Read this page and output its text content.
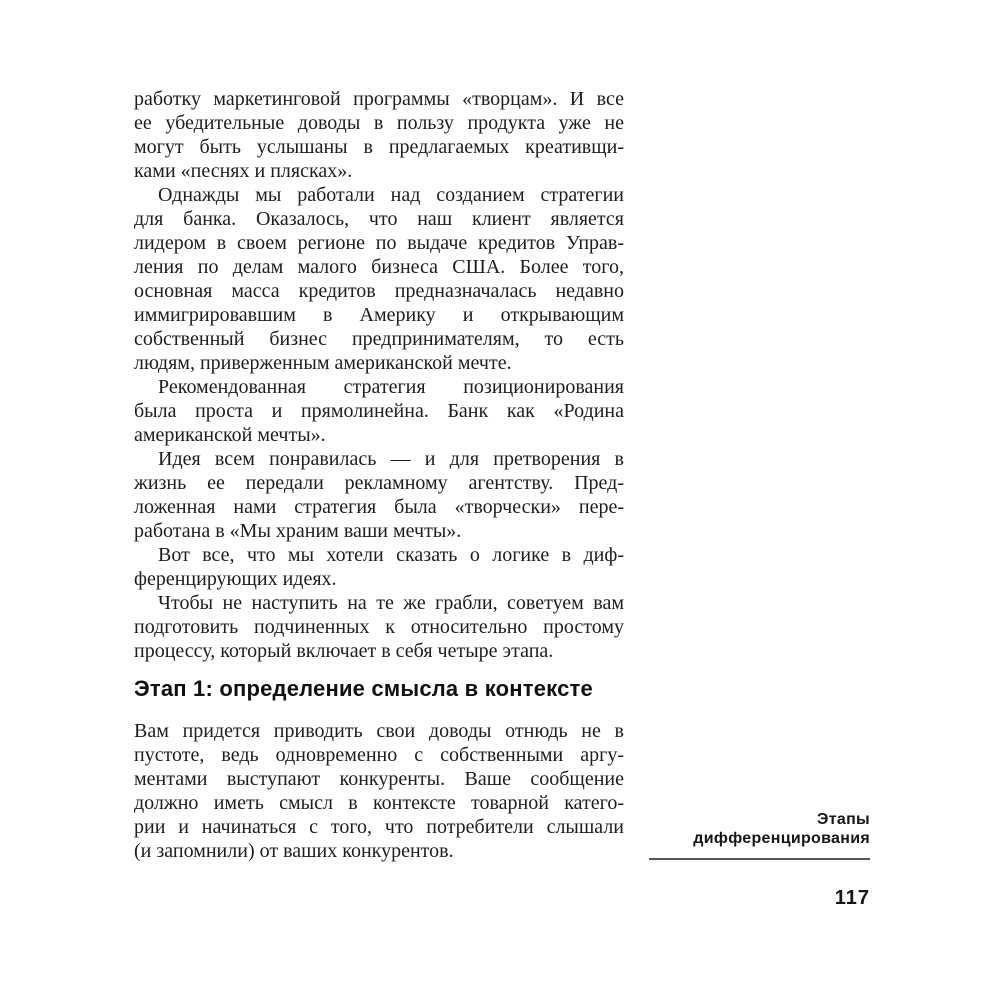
работку маркетинговой программы «творцам». И все
ее убедительные доводы в пользу продукта уже не
могут быть услышаны в предлагаемых креативщи-
ками «песнях и плясках».
Однажды мы работали над созданием стратегии
для банка. Оказалось, что наш клиент является
лидером в своем регионе по выдаче кредитов Управ-
ления по делам малого бизнеса США. Более того,
основная масса кредитов предназначалась недавно
иммигрировавшим в Америку и открывающим
собственный бизнес предпринимателям, то есть
людям, приверженным американской мечте.
Рекомендованная стратегия позиционирования
была проста и прямолинейна. Банк как «Родина
американской мечты».
Идея всем понравилась — и для претворения в
жизнь ее передали рекламному агентству. Пред-
ложенная нами стратегия была «творчески» пере-
работана в «Мы храним ваши мечты».
Вот все, что мы хотели сказать о логике в диф-
ференцирующих идеях.
Чтобы не наступить на те же грабли, советуем вам
подготовить подчиненных к относительно простому
процессу, который включает в себя четыре этапа.
Этап 1: определение смысла в контексте
Вам придется приводить свои доводы отнюдь не в
пустоте, ведь одновременно с собственными аргу-
ментами выступают конкуренты. Ваше сообщение
должно иметь смысл в контексте товарной катего-
рии и начинаться с того, что потребители слышали
(и запомнили) от ваших конкурентов.
Этапы
дифференцирования
117
